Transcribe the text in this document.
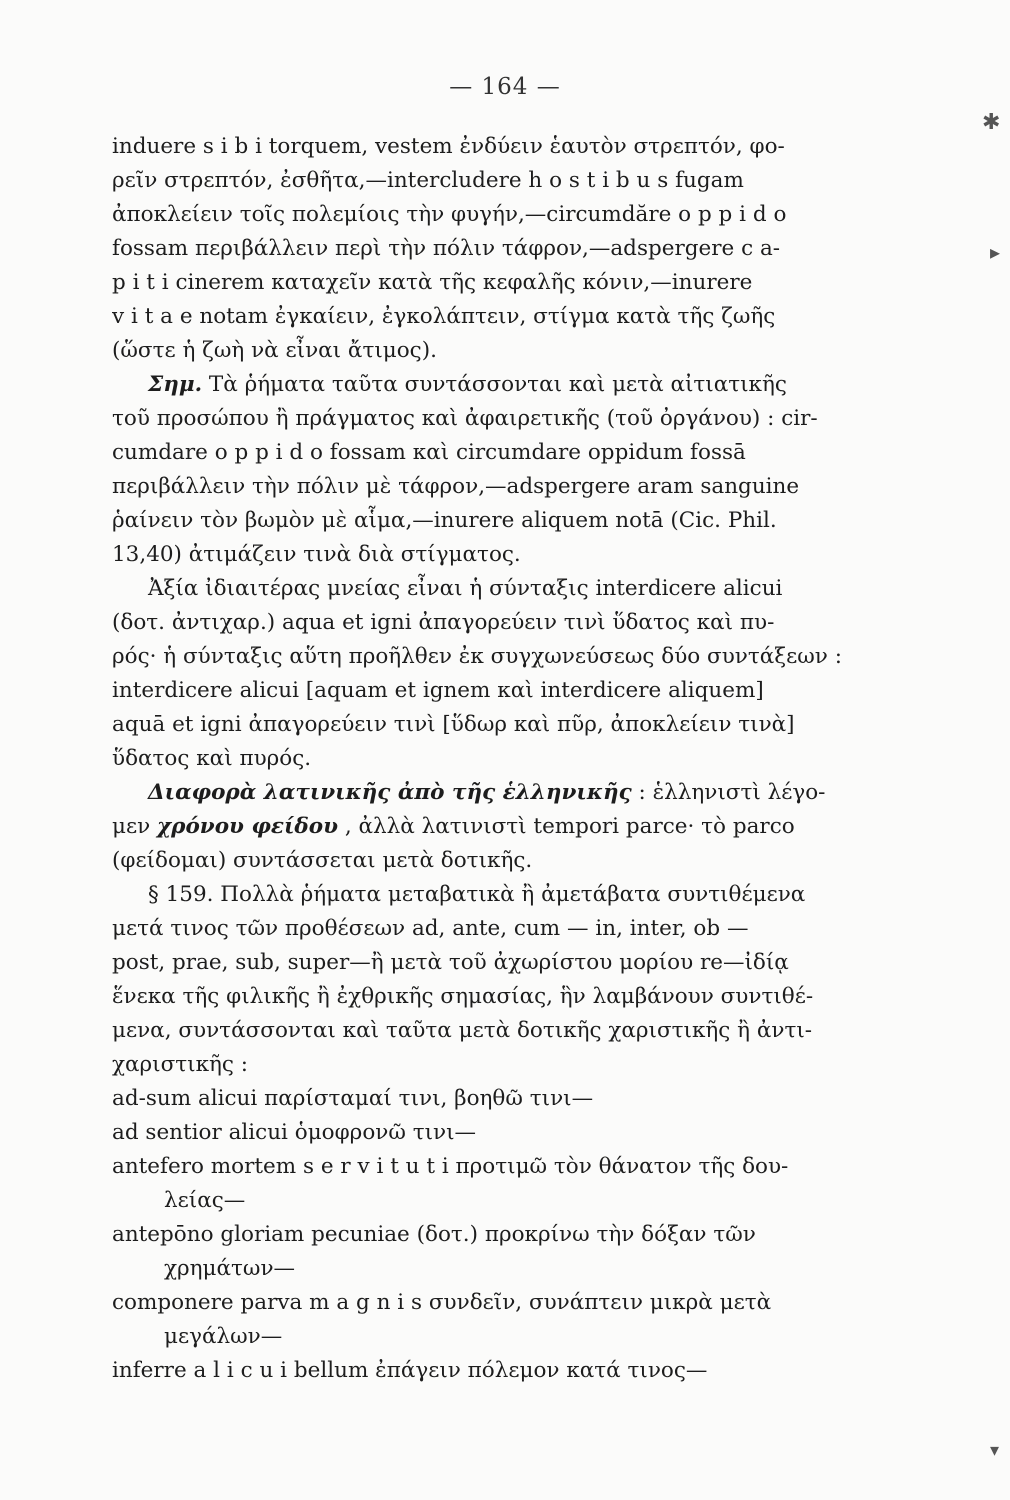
— 164 —
induere s i b i torquem, vestem ἐνδύειν ἑαυτὸν στρεπτόν, φο-
ρεῖν στρεπτόν, ἐσθῆτα,—intercludere h o s t i b u s fugam
ἀποκλείειν τοῖς πολεμίοις τὴν φυγήν,—circumdăre o p p i d o
fossam περιβάλλειν περὶ τὴν πόλιν τάφρον,—adspergere c a-
p i t i cinerem καταχεῖν κατὰ τῆς κεφαλῆς κόνιν,—inurere
v i t a e notam ἐγκαίειν, ἐγκολάπτειν, στίγμα κατὰ τῆς ζωῆς
(ὥστε ἡ ζωὴ νὰ εἶναι ἄτιμος).
Σημ. Τὰ ῥήματα ταῦτα συντάσσονται καὶ μετὰ αἰτιατικῆς
τοῦ προσώπου ἢ πράγματος καὶ ἀφαιρετικῆς (τοῦ ὀργάνου) : cir-
cumdare o p p i d o fossam καὶ circumdare oppidum fossā
περιβάλλειν τὴν πόλιν μὲ τάφρον,—adspergere aram sanguine
ῥαίνειν τὸν βωμὸν μὲ αἷμα,—inurere aliquem notā (Cic. Phil.
13,40) ἀτιμάζειν τινὰ διὰ στίγματος.
Ἀξία ἰδιαιτέρας μνείας εἶναι ἡ σύνταξις interdicere alicui
(δοτ. ἀντιχαρ.) aqua et igni ἀπαγορεύειν τινὶ ὕδατος καὶ πυ-
ρός· ἡ σύνταξις αὕτη προῆλθεν ἐκ συγχωνεύσεως δύο συντάξεων :
interdicere alicui [aquam et ignem καὶ interdicere aliquem]
aquā et igni ἀπαγορεύειν τινὶ [ὕδωρ καὶ πῦρ, ἀποκλείειν τινὰ]
ὕδατος καὶ πυρός.
Διαφορὰ λατινικῆς ἀπὸ τῆς ἑλληνικῆς : ἑλληνιστὶ λέγο-
μεν χρόνου φείδου , ἀλλὰ λατινιστὶ tempori parce· τὸ parco
(φείδομαι) συντάσσεται μετὰ δοτικῆς.
§ 159. Πολλὰ ῥήματα μεταβατικὰ ἢ ἀμετάβατα συντιθέμενα
μετά τινος τῶν προθέσεων ad, ante, cum — in, inter, ob —
post, prae, sub, super—ἢ μετὰ τοῦ ἀχωρίστου μορίου re—ἰδίᾳ
ἕνεκα τῆς φιλικῆς ἢ ἐχθρικῆς σημασίας, ἣν λαμβάνουν συντιθέ-
μενα, συντάσσονται καὶ ταῦτα μετὰ δοτικῆς χαριστικῆς ἢ ἀντι-
χαριστικῆς :
ad-sum alicui παρίσταμαί τινι, βοηθῶ τινι—
ad sentior alicui ὁμοφρονῶ τινι—
antefero mortem s e r v i t u t i προτιμῶ τὸν θάνατον τῆς δου-
λείας—
antepōno gloriam pecuniae (δοτ.) προκρίνω τὴν δόξαν τῶν
χρημάτων—
componere parva m a g n i s συνδεῖν, συνάπτειν μικρὰ μετὰ
μεγάλων—
inferre a l i c u i bellum ἐπάγειν πόλεμον κατά τινος—
✱
▸
▾
